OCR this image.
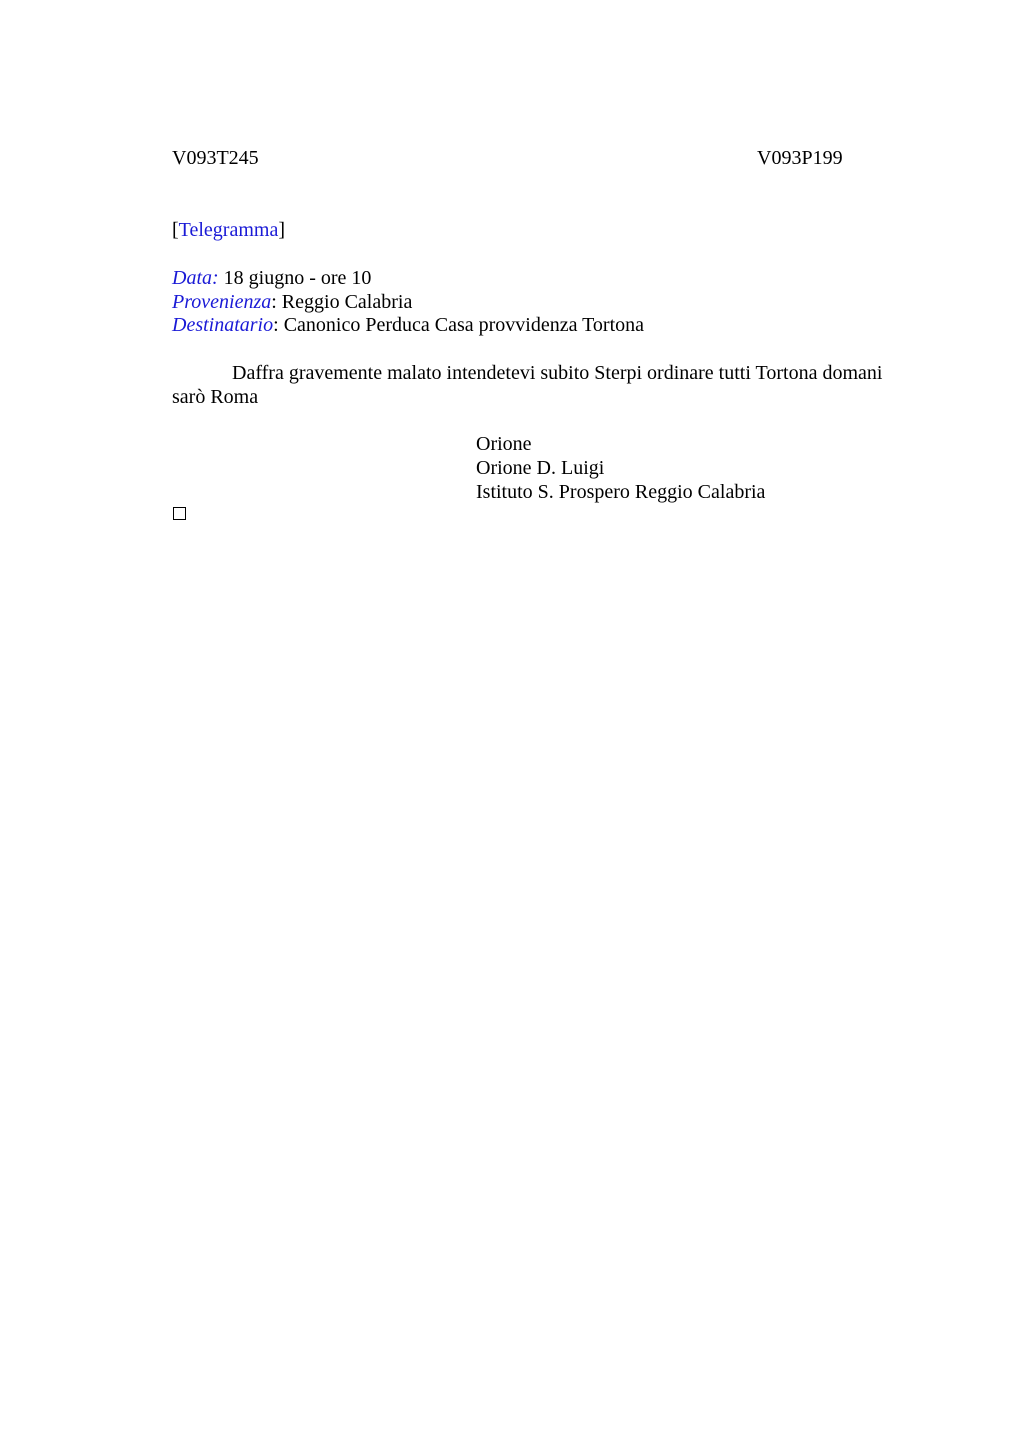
V093T245	V093P199
[Telegramma]
Data: 18 giugno - ore 10
Provenienza: Reggio Calabria
Destinatario: Canonico Perduca Casa provvidenza Tortona
Daffra gravemente malato intendetevi subito Sterpi ordinare tutti Tortona domani sarò Roma
Orione
Orione D. Luigi
Istituto S. Prospero Reggio Calabria
